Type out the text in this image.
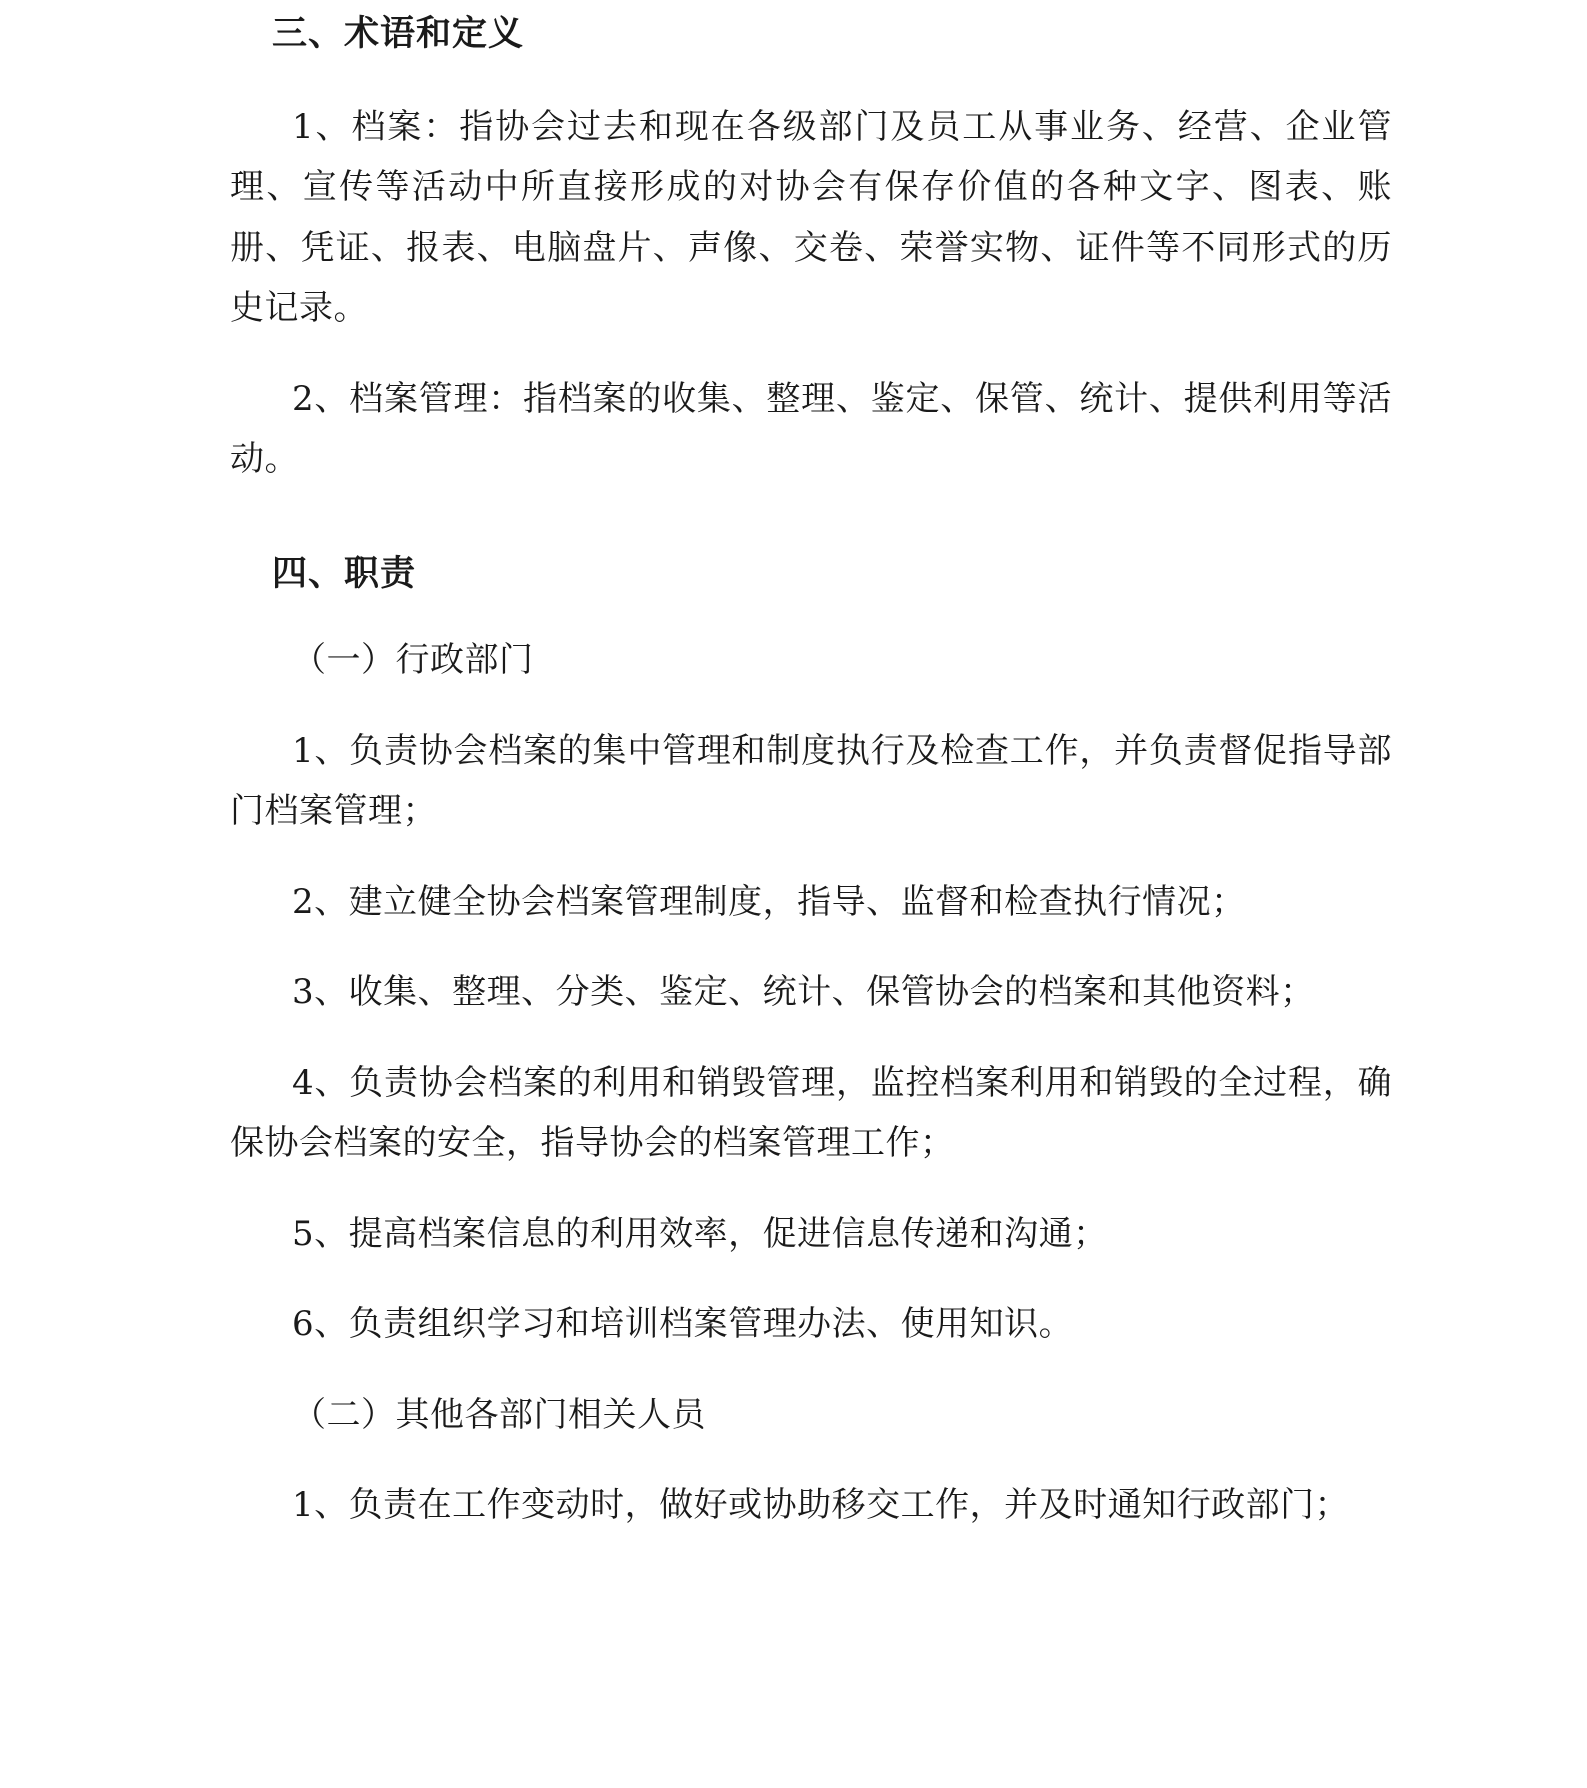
三、术语和定义

1、档案：指协会过去和现在各级部门及员工从事业务、经营、企业管理、宣传等活动中所直接形成的对协会有保存价值的各种文字、图表、账册、凭证、报表、电脑盘片、声像、交卷、荣誉实物、证件等不同形式的历史记录。

2、档案管理：指档案的收集、整理、鉴定、保管、统计、提供利用等活动。

四、职责

（一）行政部门

1、负责协会档案的集中管理和制度执行及检查工作，并负责督促指导部门档案管理；

2、建立健全协会档案管理制度，指导、监督和检查执行情况；

3、收集、整理、分类、鉴定、统计、保管协会的档案和其他资料；

4、负责协会档案的利用和销毁管理，监控档案利用和销毁的全过程，确保协会档案的安全，指导协会的档案管理工作；

5、提高档案信息的利用效率，促进信息传递和沟通；

6、负责组织学习和培训档案管理办法、使用知识。

（二）其他各部门相关人员

1、负责在工作变动时，做好或协助移交工作，并及时通知行政部门；
